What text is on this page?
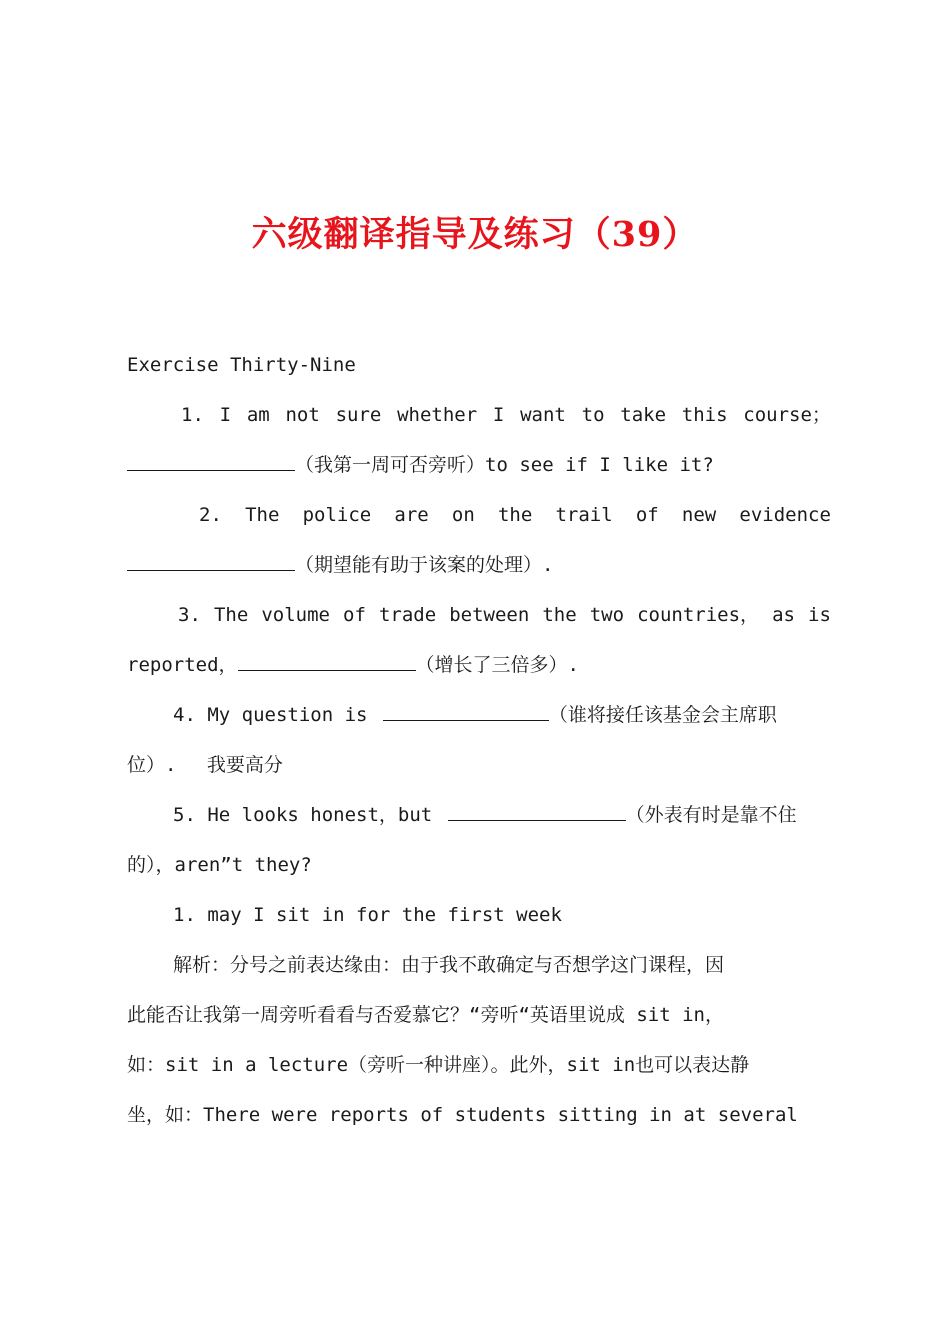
六级翻译指导及练习（39）
Exercise Thirty-Nine
1. I am not sure whether I want to take this course；
（我第一周可否旁听）to see if I like it?
2. The police are on the trail of new evidence
（期望能有助于该案的处理）.
3. The volume of trade between the two countries， as is
reported，	（增长了三倍多）.
4. My question is	（谁将接任该基金会主席职
位）.　 我要高分
5. He looks honest，but	（外表有时是靠不住
的），aren”t they?
1. may I sit in for the first week
解析：分号之前表达缘由：由于我不敢确定与否想学这门课程，因
此能否让我第一周旁听看看与否爱慕它？“旁听“英语里说成 sit in，
如：sit in a lecture（旁听一种讲座）。此外，sit in也可以表达静
坐，如：There were reports of students sitting in at several
